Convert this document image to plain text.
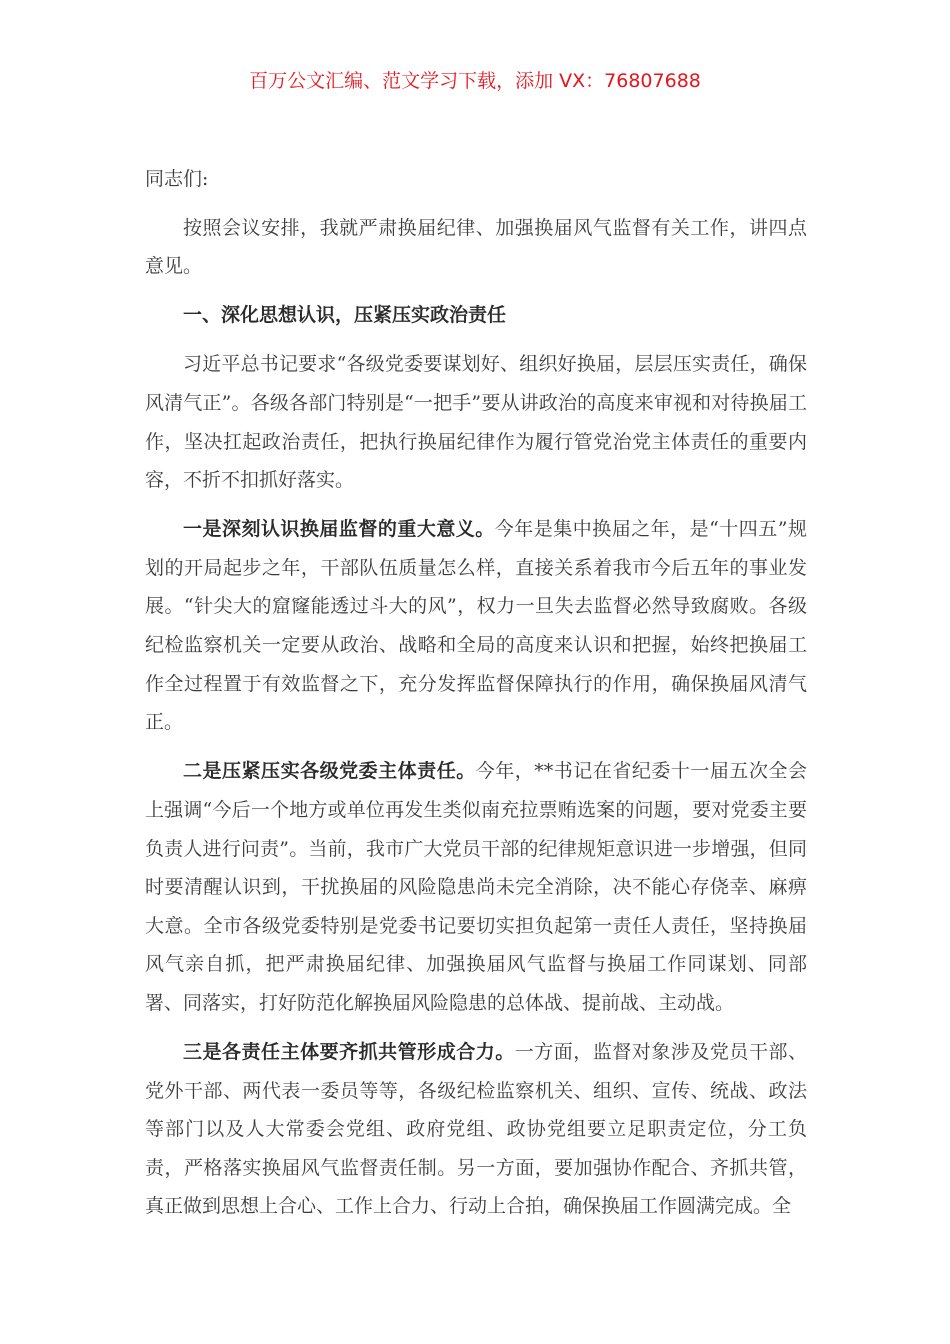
百万公文汇编、范文学习下载，添加 VX：76807688

同志们:

按照会议安排，我就严肃换届纪律、加强换届风气监督有关工作，讲四点意见。

一、深化思想认识，压紧压实政治责任

习近平总书记要求“各级党委要谋划好、组织好换届，层层压实责任，确保风清气正”。各级各部门特别是“一把手”要从讲政治的高度来审视和对待换届工作，坚决扛起政治责任，把执行换届纪律作为履行管党治党主体责任的重要内容，不折不扣抓好落实。

一是深刻认识换届监督的重大意义。今年是集中换届之年，是“十四五”规划的开局起步之年，干部队伍质量怎么样，直接关系着我市今后五年的事业发展。“针尖大的窟窿能透过斗大的风”，权力一旦失去监督必然导致腐败。各级纪检监察机关一定要从政治、战略和全局的高度来认识和把握，始终把换届工作全过程置于有效监督之下，充分发挥监督保障执行的作用，确保换届风清气正。

二是压紧压实各级党委主体责任。今年，**书记在省纪委十一届五次全会上强调“今后一个地方或单位再发生类似南充拉票贿选案的问题，要对党委主要负责人进行问责”。当前，我市广大党员干部的纪律规矩意识进一步增强，但同时要清醒认识到，干扰换届的风险隐患尚未完全消除，决不能心存侥幸、麻痹大意。全市各级党委特别是党委书记要切实担负起第一责任人责任，坚持换届风气亲自抓，把严肃换届纪律、加强换届风气监督与换届工作同谋划、同部署、同落实，打好防范化解换届风险隐患的总体战、提前战、主动战。

三是各责任主体要齐抓共管形成合力。一方面，监督对象涉及党员干部、党外干部、两代表一委员等等，各级纪检监察机关、组织、宣传、统战、政法等部门以及人大常委会党组、政府党组、政协党组要立足职责定位，分工负责，严格落实换届风气监督责任制。另一方面，要加强协作配合、齐抓共管，真正做到思想上合心、工作上合力、行动上合拍，确保换届工作圆满完成。全
